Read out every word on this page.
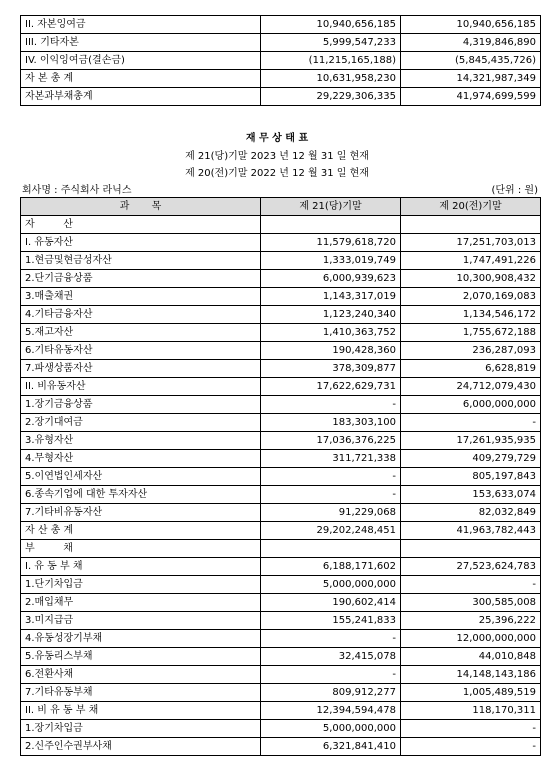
II. 자본잉여금	10,940,656,185	10,940,656,185
III. 기타자본	5,999,547,233	4,319,846,890
IV. 이익잉여금(결손금)	(11,215,165,188)	(5,845,435,726)
자 본 총 계	10,631,958,230	14,321,987,349
자본과부채총계	29,229,306,335	41,974,699,599
재 무 상 태 표
제 21(당)기말 2023 년 12 월 31 일 현재
제 20(전)기말 2022 년 12 월 31 일 현재
회사명 : 주식회사 라닉스	(단위 : 원)
과       목	제 21(당)기말	제 20(전)기말
자         산		
I. 유동자산	11,579,618,720	17,251,703,013
1.현금및현금성자산	1,333,019,749	1,747,491,226
2.단기금융상품	6,000,939,623	10,300,908,432
3.매출채권	1,143,317,019	2,070,169,083
4.기타금융자산	1,123,240,340	1,134,546,172
5.재고자산	1,410,363,752	1,755,672,188
6.기타유동자산	190,428,360	236,287,093
7.파생상품자산	378,309,877	6,628,819
II. 비유동자산	17,622,629,731	24,712,079,430
1.장기금융상품	-	6,000,000,000
2.장기대여금	183,303,100	-
3.유형자산	17,036,376,225	17,261,935,935
4.무형자산	311,721,338	409,279,729
5.이연법인세자산	-	805,197,843
6.종속기업에 대한 투자자산	-	153,633,074
7.기타비유동자산	91,229,068	82,032,849
자 산 총 계	29,202,248,451	41,963,782,443
부         채		
I. 유 동 부 채	6,188,171,602	27,523,624,783
1.단기차입금	5,000,000,000	-
2.매입채무	190,602,414	300,585,008
3.미지급금	155,241,833	25,396,222
4.유동성장기부채	-	12,000,000,000
5.유동리스부채	32,415,078	44,010,848
6.전환사채	-	14,148,143,186
7.기타유동부채	809,912,277	1,005,489,519
II. 비 유 동 부 채	12,394,594,478	118,170,311
1.장기차입금	5,000,000,000	-
2.신주인수권부사채	6,321,841,410	-
